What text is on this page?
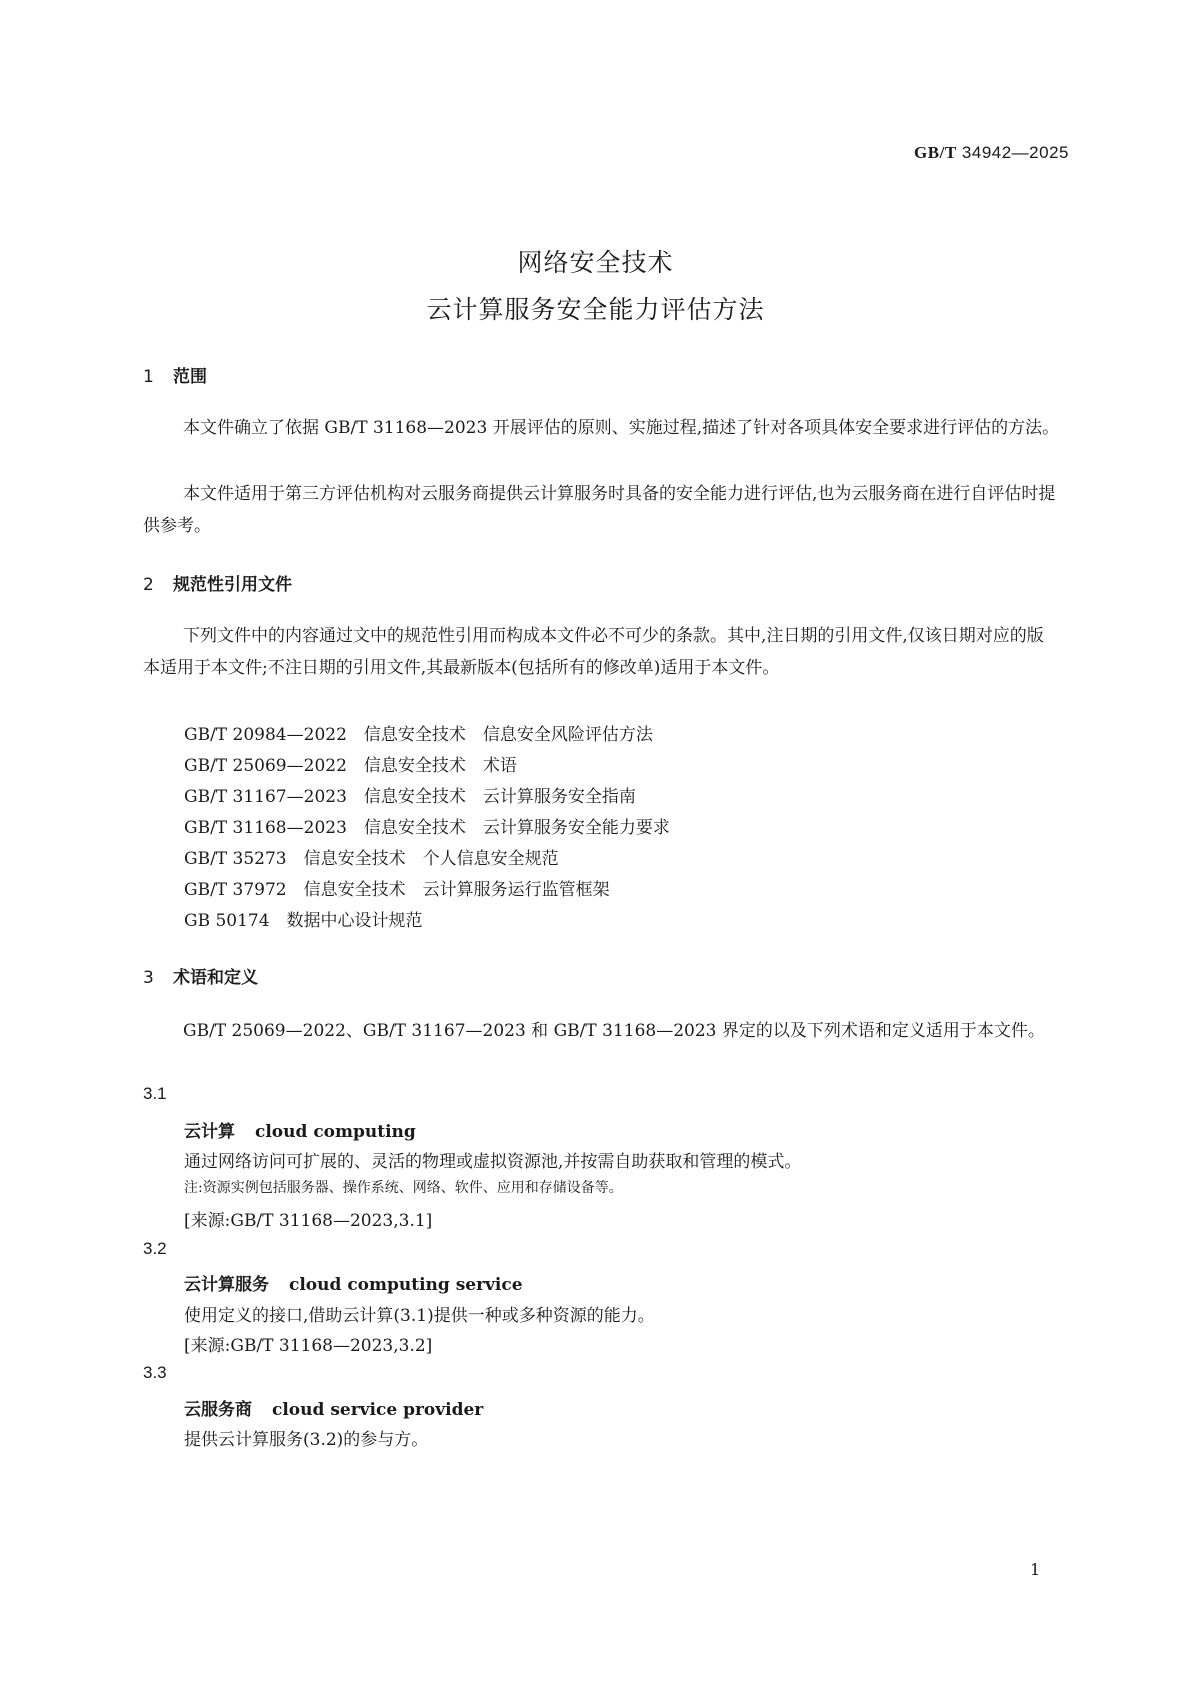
GB/T 34942—2025
网络安全技术
云计算服务安全能力评估方法
1 范围
本文件确立了依据 GB/T 31168—2023 开展评估的原则、实施过程,描述了针对各项具体安全要求进行评估的方法。
本文件适用于第三方评估机构对云服务商提供云计算服务时具备的安全能力进行评估,也为云服务商在进行自评估时提供参考。
2 规范性引用文件
下列文件中的内容通过文中的规范性引用而构成本文件必不可少的条款。其中,注日期的引用文件,仅该日期对应的版本适用于本文件;不注日期的引用文件,其最新版本(包括所有的修改单)适用于本文件。
GB/T 20984—2022　信息安全技术　信息安全风险评估方法
GB/T 25069—2022　信息安全技术　术语
GB/T 31167—2023　信息安全技术　云计算服务安全指南
GB/T 31168—2023　信息安全技术　云计算服务安全能力要求
GB/T 35273　信息安全技术　个人信息安全规范
GB/T 37972　信息安全技术　云计算服务运行监管框架
GB 50174　数据中心设计规范
3 术语和定义
GB/T 25069—2022、GB/T 31167—2023 和 GB/T 31168—2023 界定的以及下列术语和定义适用于本文件。
3.1
云计算 cloud computing
通过网络访问可扩展的、灵活的物理或虚拟资源池,并按需自助获取和管理的模式。
注:资源实例包括服务器、操作系统、网络、软件、应用和存储设备等。
[来源:GB/T 31168—2023,3.1]
3.2
云计算服务 cloud computing service
使用定义的接口,借助云计算(3.1)提供一种或多种资源的能力。
[来源:GB/T 31168—2023,3.2]
3.3
云服务商 cloud service provider
提供云计算服务(3.2)的参与方。
1
